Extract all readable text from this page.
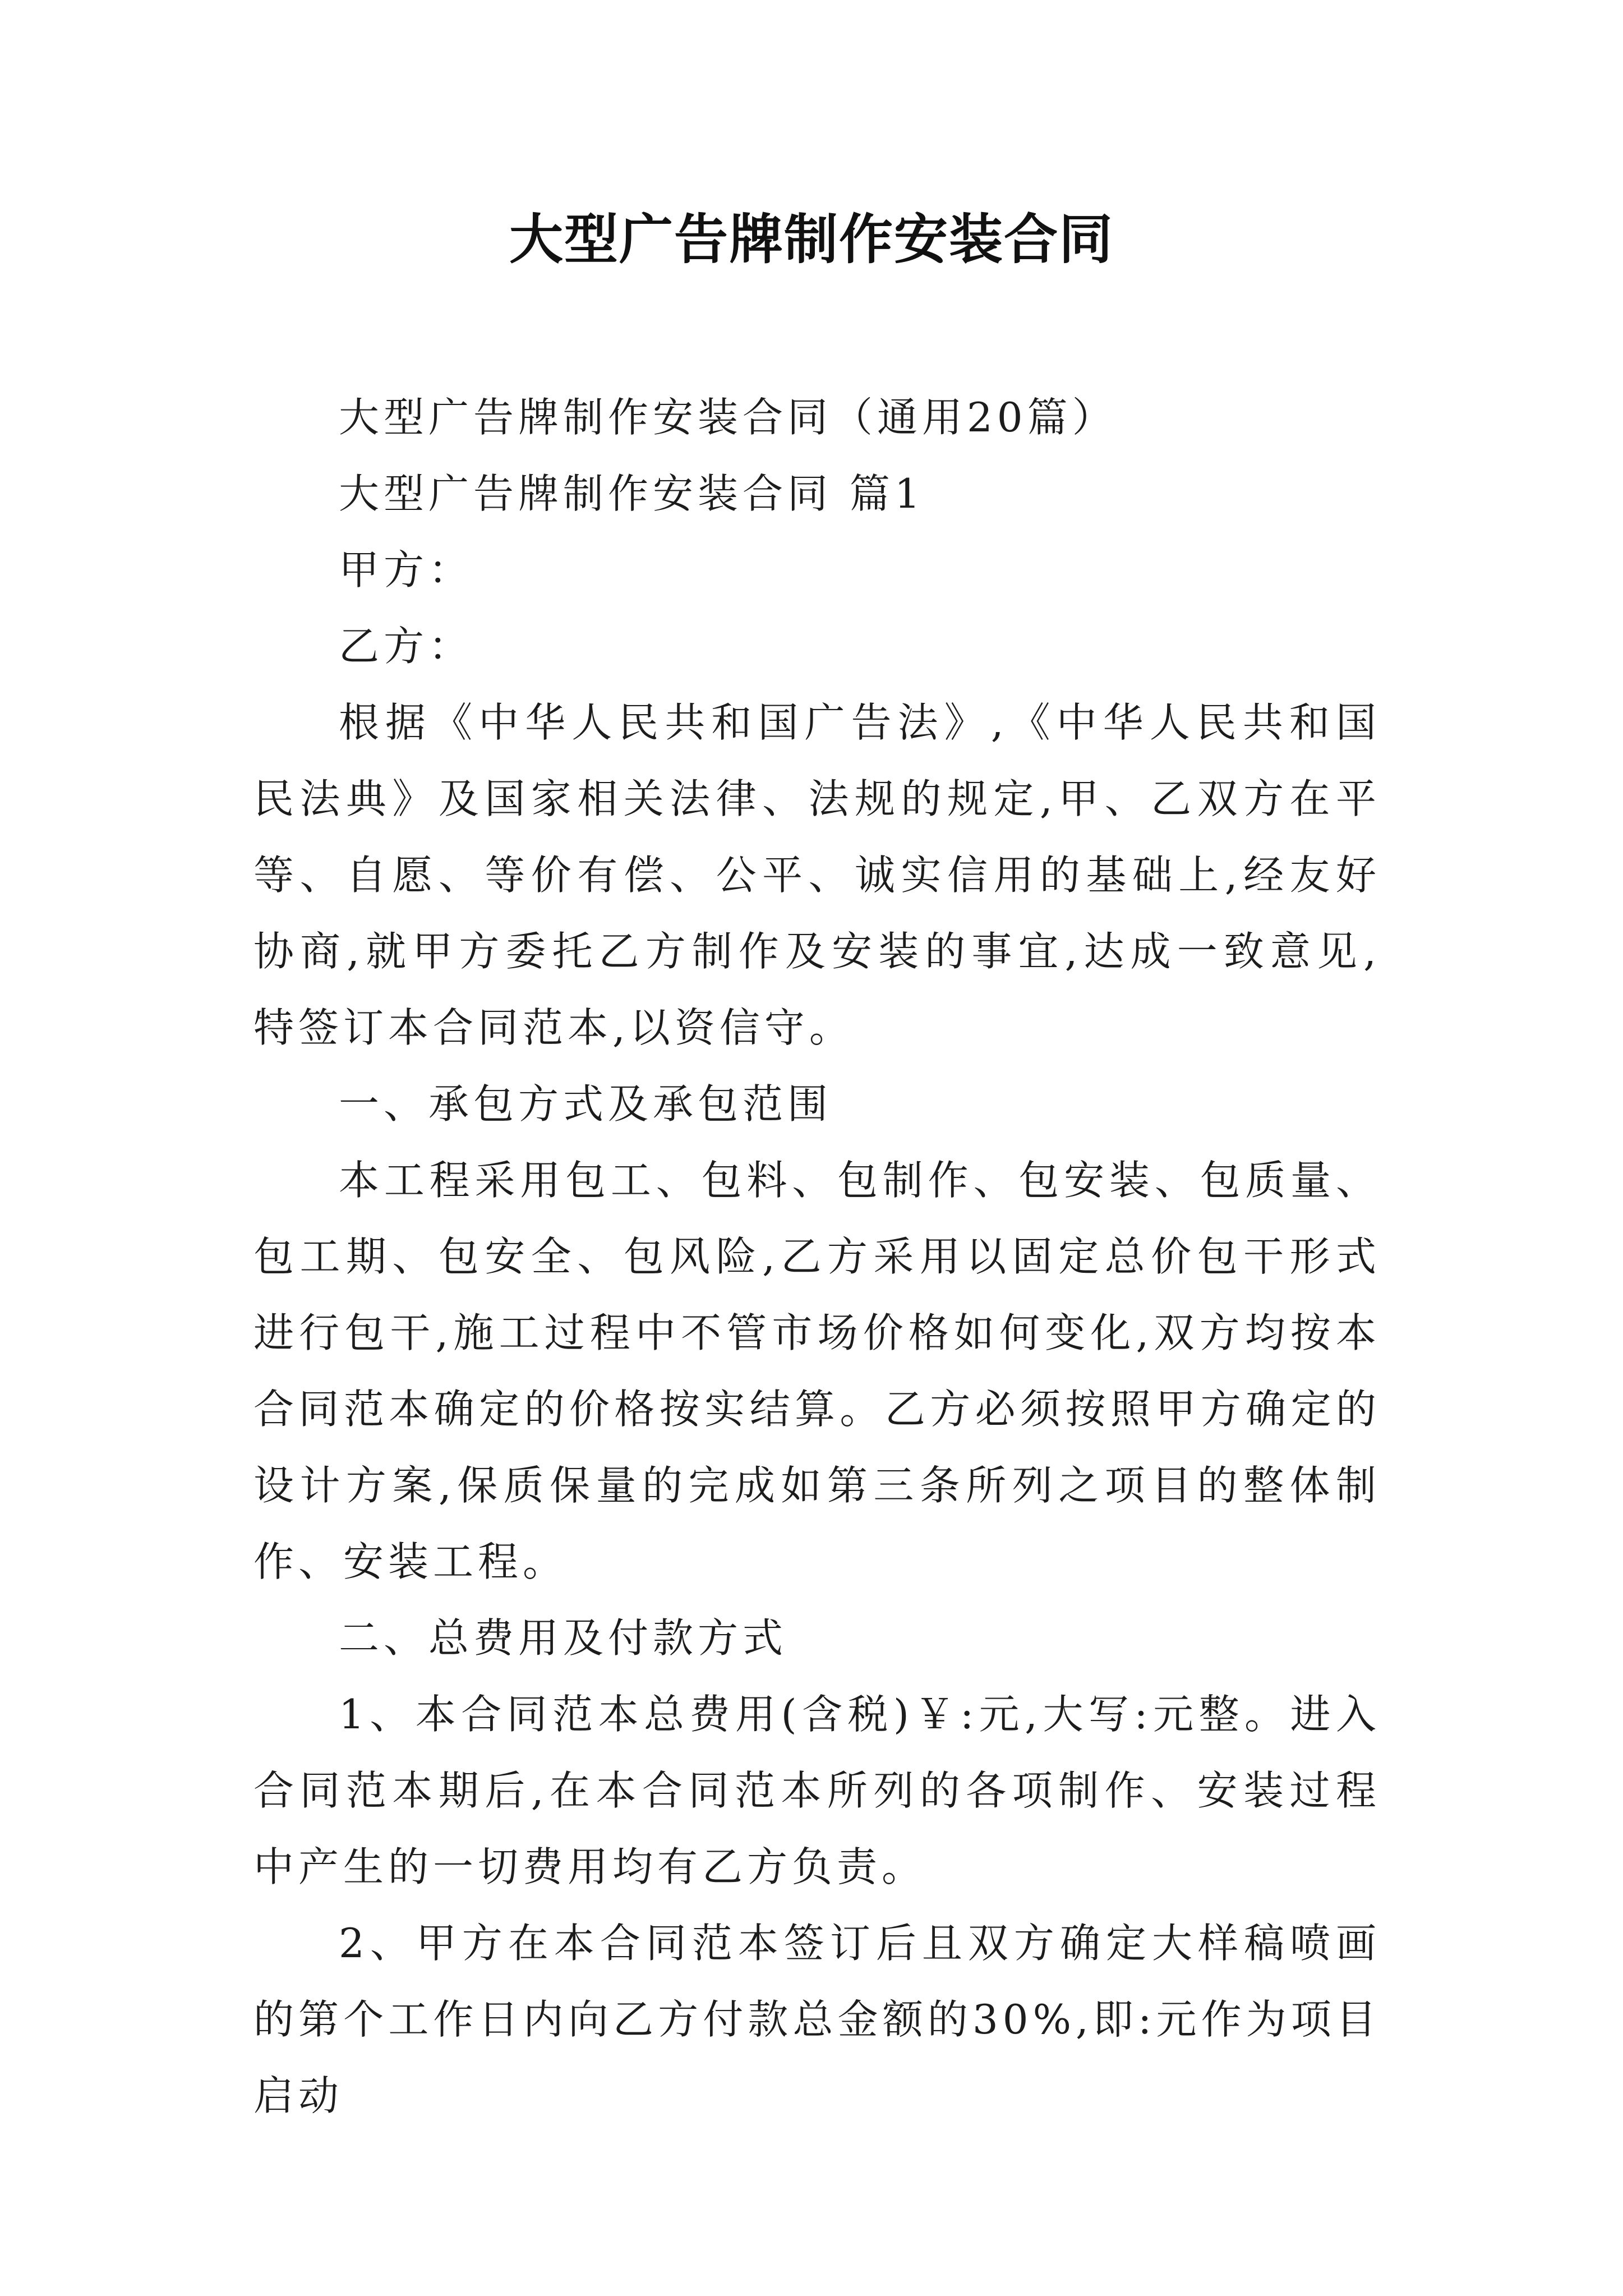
大型广告牌制作安装合同

大型广告牌制作安装合同（通用20篇）

大型广告牌制作安装合同 篇1

甲方：

乙方：

根据《中华人民共和国广告法》,《中华人民共和国民法典》及国家相关法律、法规的规定,甲、乙双方在平等、自愿、等价有偿、公平、诚实信用的基础上,经友好协商,就甲方委托乙方制作及安装的事宜,达成一致意见,特签订本合同范本,以资信守。

一、承包方式及承包范围

本工程采用包工、包料、包制作、包安装、包质量、包工期、包安全、包风险,乙方采用以固定总价包干形式进行包干,施工过程中不管市场价格如何变化,双方均按本合同范本确定的价格按实结算。乙方必须按照甲方确定的设计方案,保质保量的完成如第三条所列之项目的整体制作、安装工程。

二、总费用及付款方式

1、本合同范本总费用(含税)￥:元,大写:元整。进入合同范本期后,在本合同范本所列的各项制作、安装过程中产生的一切费用均有乙方负责。

2、甲方在本合同范本签订后且双方确定大样稿喷画的第个工作日内向乙方付款总金额的30%,即:元作为项目启动
